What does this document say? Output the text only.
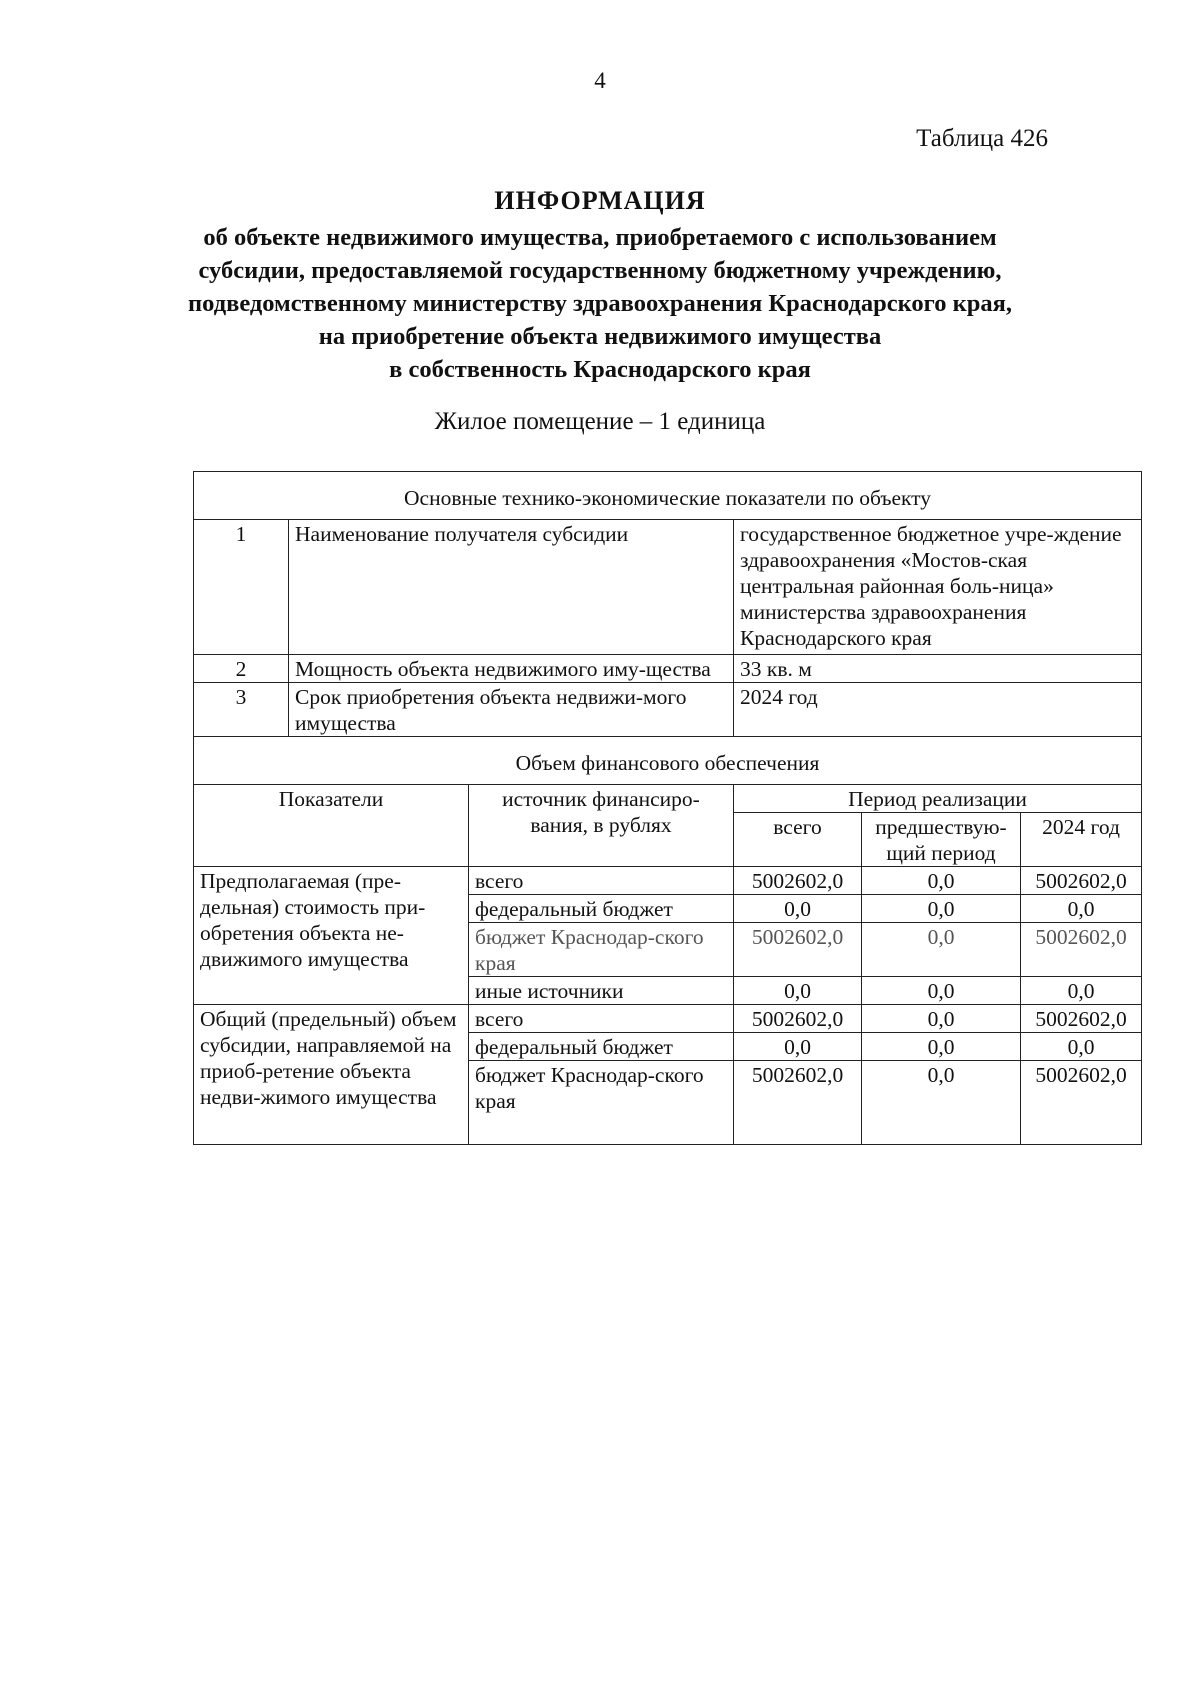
4
Таблица 426
ИНФОРМАЦИЯ
об объекте недвижимого имущества, приобретаемого с использованием
субсидии, предоставляемой государственному бюджетному учреждению,
подведомственному министерству здравоохранения Краснодарского края,
на приобретение объекта недвижимого имущества
в собственность Краснодарского края
Жилое помещение – 1 единица
Основные технико-экономические показатели по объекту					
1	Наименование получателя субсидии		государственное бюджетное учре-ждение здравоохранения «Мостов-ская центральная районная боль-ница» министерства здравоохранения Краснодарского края		
2	Мощность объекта недвижимого иму-щества		33 кв. м		
3	Срок приобретения объекта недвижи-мого имущества		2024 год		
Объем финансового обеспечения					
Показатели		источник финансиро-вания, в рублях	Период реализации		
			всего	предшествую-щий период	2024 год
Предполагаемая (пре-дельная) стоимость при-обретения объекта не-движимого имущества		всего	5002602,0	0,0	5002602,0
		федеральный бюджет	0,0	0,0	0,0
		бюджет Краснодар-ского края	5002602,0	0,0	5002602,0
		иные источники	0,0	0,0	0,0
Общий (предельный) объем субсидии, направляемой на приоб-ретение объекта недви-жимого имущества		всего	5002602,0	0,0	5002602,0
		федеральный бюджет	0,0	0,0	0,0
		бюджет Краснодар-ского края	5002602,0	0,0	5002602,0
